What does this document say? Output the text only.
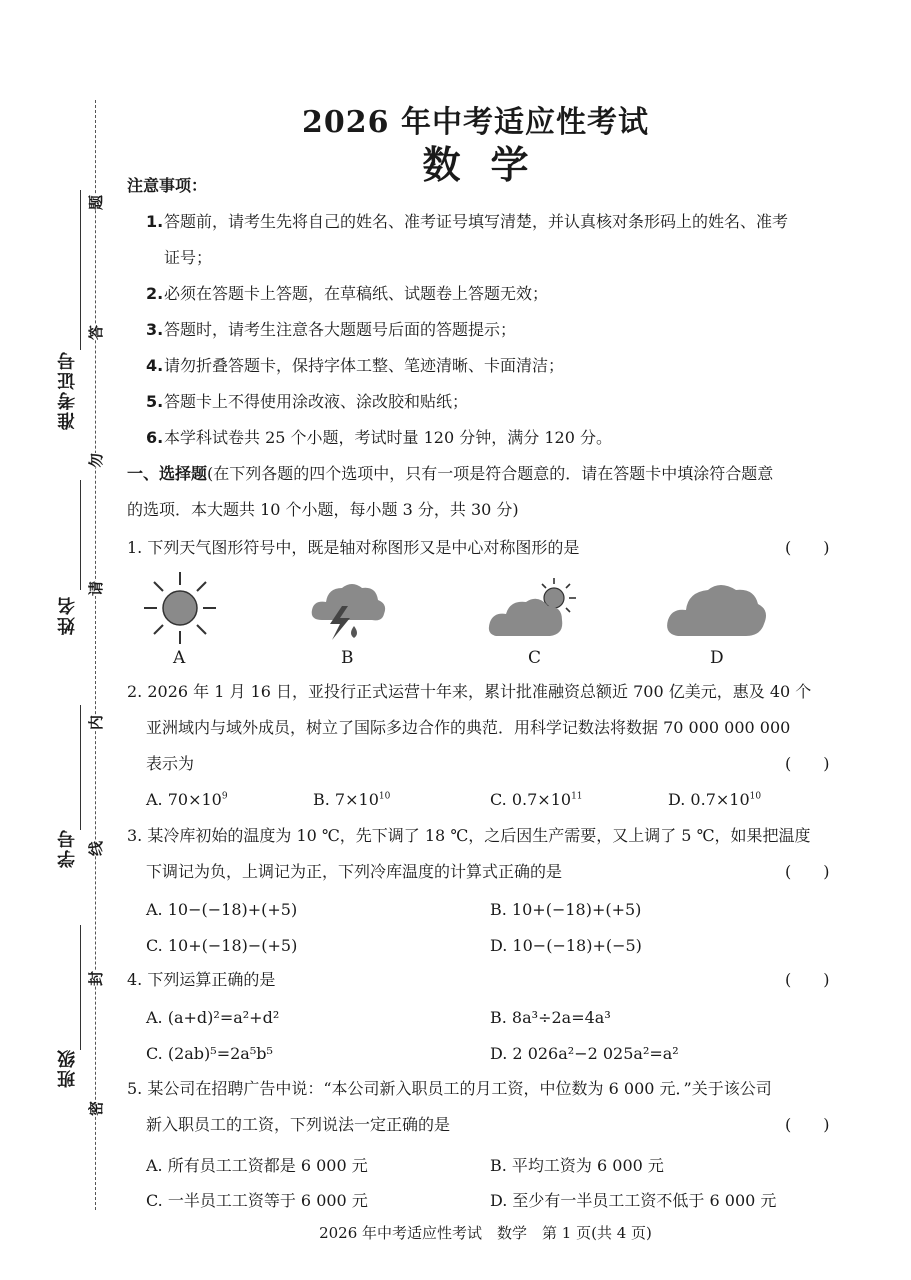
准考证号
姓名
学号
班级
题
答
勿
请
内
线
封
密
2026 年中考适应性考试
数学
注意事项：
1. 答题前，请考生先将自己的姓名、准考证号填写清楚，并认真核对条形码上的姓名、准考
证号；
2. 必须在答题卡上答题，在草稿纸、试题卷上答题无效；
3. 答题时，请考生注意各大题题号后面的答题提示；
4. 请勿折叠答题卡，保持字体工整、笔迹清晰、卡面清洁；
5. 答题卡上不得使用涂改液、涂改胶和贴纸；
6. 本学科试卷共 25 个小题，考试时量 120 分钟，满分 120 分。
一、选择题(在下列各题的四个选项中，只有一项是符合题意的．请在答题卡中填涂符合题意
的选项．本大题共 10 个小题，每小题 3 分，共 30 分)
1. 下列天气图形符号中，既是轴对称图形又是中心对称图形的是	(　　)
A	B	C	D
2. 2026 年 1 月 16 日，亚投行正式运营十年来，累计批准融资总额近 700 亿美元，惠及 40 个
亚洲域内与域外成员，树立了国际多边合作的典范．用科学记数法将数据 70 000 000 000
表示为	(　　)
A. $70\times 10^9$	B. $7\times 10^{10}$	C. $0.7\times 10^{11}$	D. $0.7\times 10^{10}$
3. 某冷库初始的温度为 10 ℃，先下调了 18 ℃，之后因生产需要，又上调了 5 ℃，如果把温度
下调记为负，上调记为正，下列冷库温度的计算式正确的是	(　　)
A. 10−(−18)+(+5)	B. 10+(−18)+(+5)
C. 10+(−18)−(+5)	D. 10−(−18)+(−5)
4. 下列运算正确的是	(　　)
A. (a+d)²=a²+d²	B. 8a³÷2a=4a³
C. (2ab)⁵=2a⁵b⁵	D. 2 026a²−2 025a²=a²
5. 某公司在招聘广告中说：“本公司新入职员工的月工资，中位数为 6 000 元．”关于该公司
新入职员工的工资，下列说法一定正确的是	(　　)
A. 所有员工工资都是 6 000 元	B. 平均工资为 6 000 元
C. 一半员工工资等于 6 000 元	D. 至少有一半员工工资不低于 6 000 元
2026 年中考适应性考试　数学　第 1 页(共 4 页)
